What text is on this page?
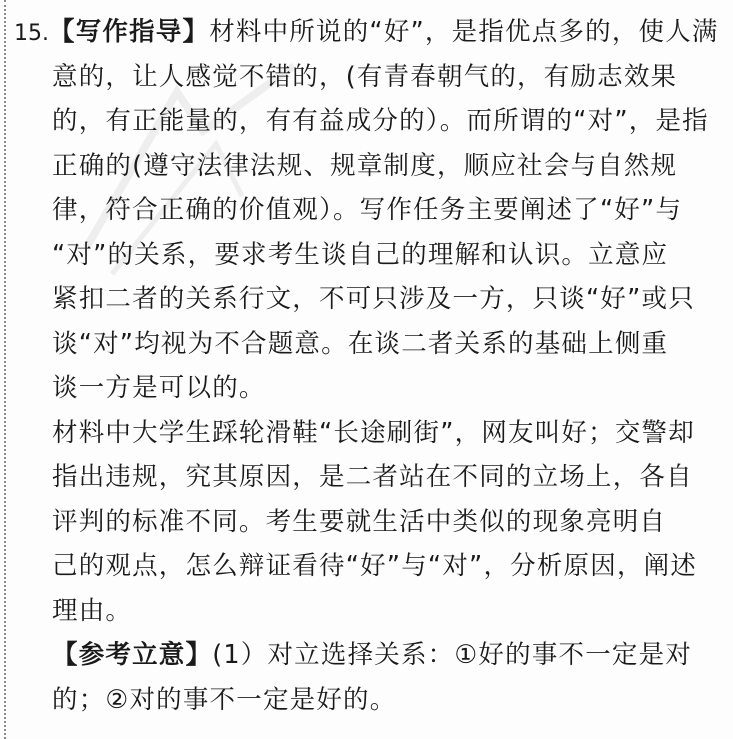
15.【写作指导】材料中所说的“好”，是指优点多的，使人满
意的，让人感觉不错的，(有青春朝气的，有励志效果
的，有正能量的，有有益成分的）。而所谓的“对”，是指
正确的(遵守法律法规、规章制度，顺应社会与自然规
律，符合正确的价值观）。写作任务主要阐述了“好”与
“对”的关系，要求考生谈自己的理解和认识。立意应
紧扣二者的关系行文，不可只涉及一方，只谈“好”或只
谈“对”均视为不合题意。在谈二者关系的基础上侧重
谈一方是可以的。
材料中大学生踩轮滑鞋“长途刷街”，网友叫好；交警却
指出违规，究其原因，是二者站在不同的立场上，各自
评判的标准不同。考生要就生活中类似的现象亮明自
己的观点，怎么辩证看待“好”与“对”，分析原因，阐述
理由。
【参考立意】(1）对立选择关系：①好的事不一定是对
的；②对的事不一定是好的。
